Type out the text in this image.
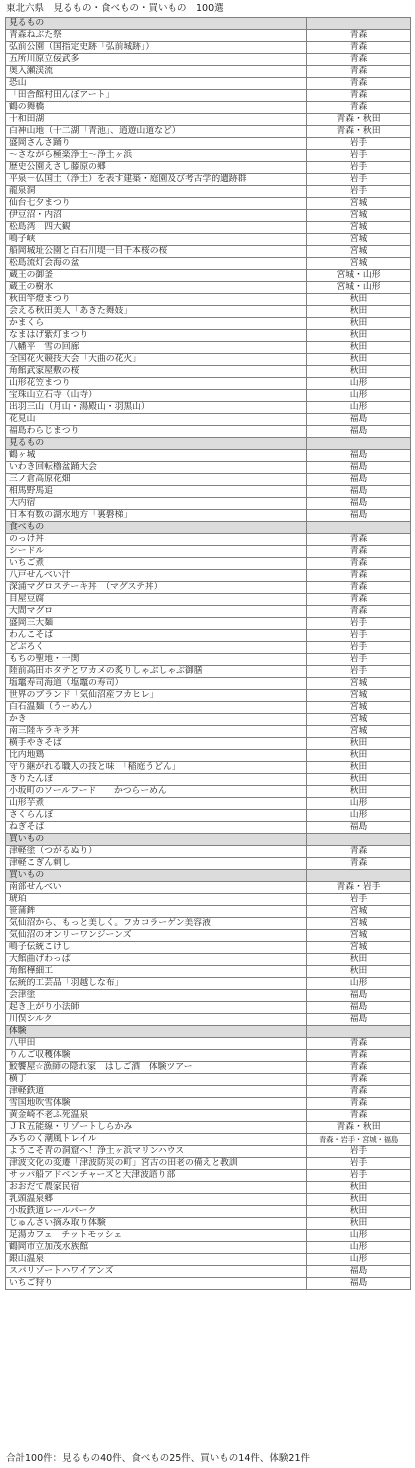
東北六県　見るもの・食べもの・買いもの　100選
見るもの	
青森ねぶた祭	青森
弘前公園（国指定史跡「弘前城跡」）	青森
五所川原立佞武多	青森
奥入瀬渓流	青森
恐山	青森
「田舎館村田んぼアート」	青森
鶴の舞橋	青森
十和田湖	青森・秋田
白神山地（十二湖「青池」、逍遊山道など）	青森・秋田
盛岡さんさ踊り	岩手
～さながら極楽浄土～浄土ヶ浜	岩手
歴史公園えさし藤原の郷	岩手
平泉－仏国土（浄土）を表す建築・庭園及び考古学的遺跡群	岩手
龍泉洞	岩手
仙台七夕まつり	宮城
伊豆沼・内沼	宮城
松島湾　四大観	宮城
鳴子峡	宮城
船岡城址公園と白石川堤一目千本桜の桜	宮城
松島流灯会海の盆	宮城
蔵王の御釜	宮城・山形
蔵王の樹氷	宮城・山形
秋田竿燈まつり	秋田
会える秋田美人「あきた舞妓」	秋田
かまくら	秋田
なまはげ紫灯まつり	秋田
八幡平　雪の回廊	秋田
全国花火競技大会「大曲の花火」	秋田
角館武家屋敷の桜	秋田
山形花笠まつり	山形
宝珠山立石寺（山寺）	山形
出羽三山（月山・湯殿山・羽黒山）	山形
花見山	福島
福島わらじまつり	福島
見るもの	
鶴ヶ城	福島
いわき回転櫓盆踊大会	福島
三ノ倉高原花畑	福島
相馬野馬追	福島
大内宿	福島
日本有数の湖水地方「裏磐梯」	福島
食べもの	
のっけ丼	青森
シードル	青森
いちご煮	青森
八戸せんべい汁	青森
深浦マグロステーキ丼　（マグステ丼）	青森
目屋豆腐	青森
大間マグロ	青森
盛岡三大麺	岩手
わんこそば	岩手
どぶろく	岩手
もちの聖地・一関	岩手
陸前高田ホタテとワカメの炙りしゃぶしゃぶ御膳	岩手
塩竈寿司海道（塩竈の寿司）	宮城
世界のブランド「気仙沼産フカヒレ」	宮城
白石温麺（うーめん）	宮城
かき	宮城
南三陸キラキラ丼	宮城
横手やきそば	秋田
比内地鶏	秋田
守り継がれる職人の技と味　「稲庭うどん」	秋田
きりたんぽ	秋田
小坂町のソールフード　　かつらーめん	秋田
山形芋煮	山形
さくらんぼ	山形
ねぎそば	福島
買いもの	
津軽塗（つがるぬり）	青森
津軽こぎん刺し	青森
買いもの	
南部せんべい	青森・岩手
琥珀	岩手
笹蒲鉾	宮城
気仙沼から、もっと美しく。フカコラーゲン美容液	宮城
気仙沼のオンリーワンジーンズ	宮城
鳴子伝統こけし	宮城
大館曲げわっぱ	秋田
角館樺細工	秋田
伝統的工芸品「羽越しな布」	山形
会津塗	福島
起き上がり小法師	福島
川俣シルク	福島
体験	
八甲田	青森
りんご収穫体験	青森
鮫饗屋☆漁師の隠れ家　はしご酒　体験ツアー	青森
横丁	青森
津軽鉄道	青森
雪国地吹雪体験	青森
黄金崎不老ふ死温泉	青森
ＪＲ五能線・リゾートしらかみ	青森・秋田
みちのく潮風トレイル	青森・岩手・宮城・福島
ようこそ青の洞窟へ！浄土ヶ浜マリンハウス	岩手
津波文化の変遷「津波防災の町」宮古の田老の備えと教訓	岩手
サッパ船アドベンチャーズと大津波語り部	岩手
おおだて農家民宿	秋田
乳頭温泉郷	秋田
小坂鉄道レールパーク	秋田
じゅんさい摘み取り体験	秋田
足湯カフェ　チットモッシェ	山形
鶴岡市立加茂水族館	山形
銀山温泉	山形
スパリゾートハワイアンズ	福島
いちご狩り	福島
合計100件：見るもの40件、食べもの25件、買いもの14件、体験21件
